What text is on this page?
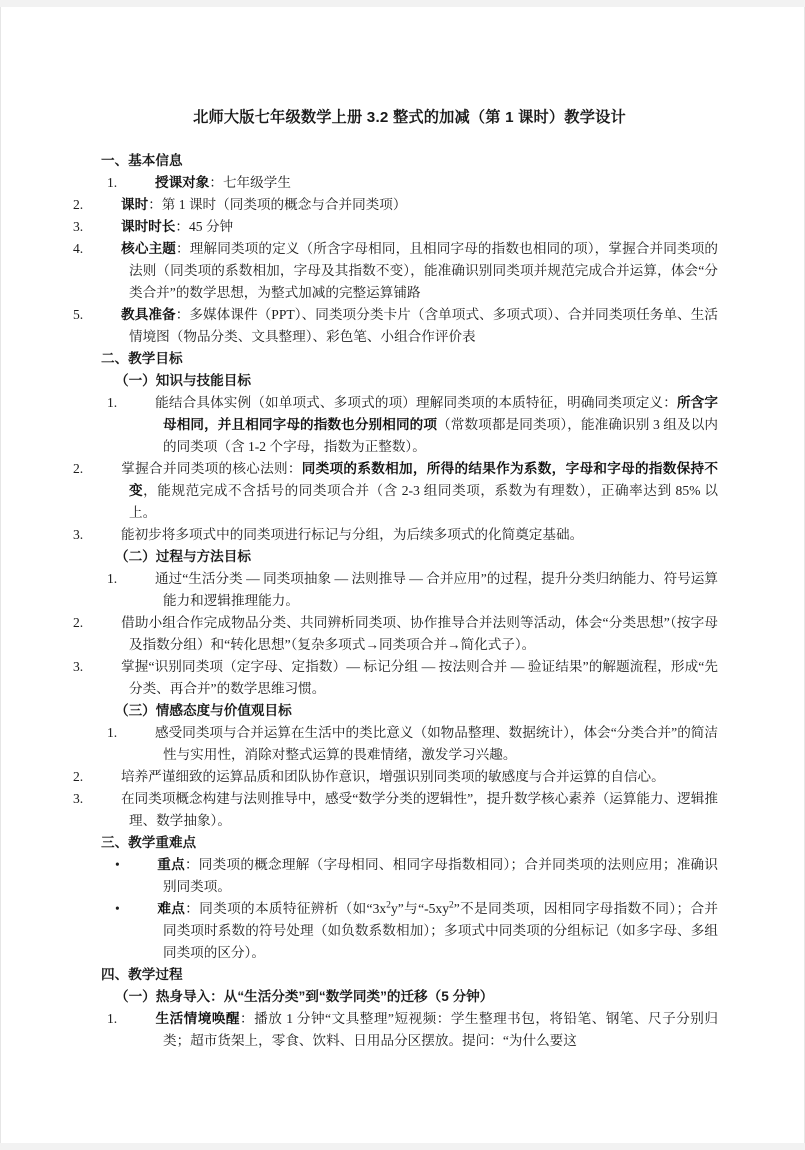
北师大版七年级数学上册 3.2 整式的加减（第 1 课时）教学设计
一、基本信息

1.	授课对象：七年级学生

2.	课时：第 1 课时（同类项的概念与合并同类项）

3.	课时时长：45 分钟

4.	核心主题：理解同类项的定义（所含字母相同，且相同字母的指数也相同的项），掌握合并同类项的法则（同类项的系数相加，字母及其指数不变），能准确识别同类项并规范完成合并运算，体会“分类合并”的数学思想，为整式加减的完整运算铺路

5.	教具准备：多媒体课件（PPT）、同类项分类卡片（含单项式、多项式项）、合并同类项任务单、生活情境图（物品分类、文具整理）、彩色笔、小组合作评价表

二、教学目标
（一）知识与技能目标

1.	能结合具体实例（如单项式、多项式的项）理解同类项的本质特征，明确同类项定义：所含字母相同，并且相同字母的指数也分别相同的项（常数项都是同类项），能准确识别 3 组及以内的同类项（含 1-2 个字母，指数为正整数）。

2.	掌握合并同类项的核心法则：同类项的系数相加，所得的结果作为系数，字母和字母的指数保持不变，能规范完成不含括号的同类项合并（含 2-3 组同类项，系数为有理数），正确率达到 85% 以上。

3.	能初步将多项式中的同类项进行标记与分组，为后续多项式的化简奠定基础。

（二）过程与方法目标

1.	通过“生活分类 — 同类项抽象 — 法则推导 — 合并应用”的过程，提升分类归纳能力、符号运算能力和逻辑推理能力。

2.	借助小组合作完成物品分类、共同辨析同类项、协作推导合并法则等活动，体会“分类思想”（按字母及指数分组）和“转化思想”（复杂多项式→同类项合并→简化式子）。

3.	掌握“识别同类项（定字母、定指数）— 标记分组 — 按法则合并 — 验证结果”的解题流程，形成“先分类、再合并”的数学思维习惯。

（三）情感态度与价值观目标

1.	感受同类项与合并运算在生活中的类比意义（如物品整理、数据统计），体会“分类合并”的简洁性与实用性，消除对整式运算的畏难情绪，激发学习兴趣。

2.	培养严谨细致的运算品质和团队协作意识，增强识别同类项的敏感度与合并运算的自信心。

3.	在同类项概念构建与法则推导中，感受“数学分类的逻辑性”，提升数学核心素养（运算能力、逻辑推理、数学抽象）。

三、教学重难点

•	重点：同类项的概念理解（字母相同、相同字母指数相同）；合并同类项的法则应用；准确识别同类项。

•	难点：同类项的本质特征辨析（如“$3x^2y$”与“$-5xy^2$”不是同类项，因相同字母指数不同）；合并同类项时系数的符号处理（如负数系数相加）；多项式中同类项的分组标记（如多字母、多组同类项的区分）。

四、教学过程
（一）热身导入：从“生活分类”到“数学同类”的迁移（5 分钟）

1.	生活情境唤醒：播放 1 分钟“文具整理”短视频：学生整理书包，将铅笔、钢笔、尺子分别归类；超市货架上，零食、饮料、日用品分区摆放。提问：“为什么要这
